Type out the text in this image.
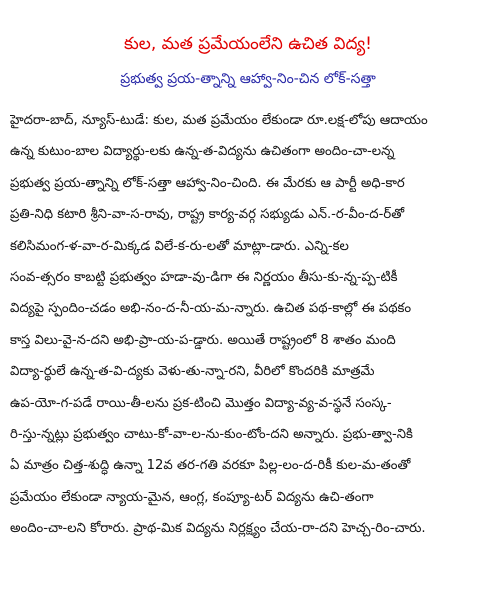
కుల, మత ప్రమేయంలేని ఉచిత విద్య!
ప్రభుత్వ ప్రయ-త్నాన్ని ఆహ్వా-నిం-చిన లోక్-సత్తా
హైదరా-బాద్, న్యూస్-టుడే: కుల, మత ప్రమేయం లేకుండా రూ.లక్ష-లోపు ఆదాయం
ఉన్న కుటుం-బాల విద్యార్థు-లకు ఉన్న-త-విద్యను ఉచితంగా అందిం-చా-లన్న
ప్రభుత్వ ప్రయ-త్నాన్ని లోక్-సత్తా ఆహ్వా-నిం-చింది. ఈ మేరకు ఆ పార్టీ అధి-కార
ప్రతి-నిధి కటారి శ్రీని-వా-స-రావు, రాష్ట్ర కార్య-వర్గ సభ్యుడు ఎన్.-ర-వీం-ద-ర్‌తో
కలిసిమంగ-ళ-వా-ర-మిక్కడ విలే-క-రు-లతో మాట్లా-డారు. ఎన్ని-కల
సంవ-త్సరం కాబట్టి ప్రభుత్వం హడా-వు-డిగా ఈ నిర్ణయం తీసు-కు-న్న-ప్ప-టికీ
విద్యపై స్పందిం-చడం అభి-నం-ద-నీ-య-మ-న్నారు. ఉచిత పథ-కాల్లో ఈ పథకం
కాస్త విలు-వై-న-దని అభి-ప్రా-య-ప-డ్డారు. అయితే రాష్ట్రంలో 8 శాతం మంది
విద్యా-ర్థులే ఉన్న-త-వి-ద్యకు వెళు-తు-న్నా-రని, వీరిలో కొందరికి మాత్రమే
ఉప-యో-గ-పడే రాయి-తీ-లను ప్రక-టించి మొత్తం విద్యా-వ్య-వ-స్థనే సంస్క-
రి-స్తు-న్నట్లు ప్రభుత్వం చాటు-కో-వా-ల-ను-కుం-టోం-దని అన్నారు. ప్రభు-త్వా-నికి
ఏ మాత్రం చిత్త-శుద్ధి ఉన్నా 12వ తర-గతి వరకూ పిల్ల-లం-ద-రికీ కుల-మ-తంతో
ప్రమేయం లేకుండా న్యాయ-మైన, ఆంగ్ల, కంప్యూ-టర్ విద్యను ఉచి-తంగా
అందిం-చా-లని కోరారు. ప్రాథ-మిక విద్యను నిర్లక్ష్యం చేయ-రా-దని హెచ్చ-రిం-చారు.
